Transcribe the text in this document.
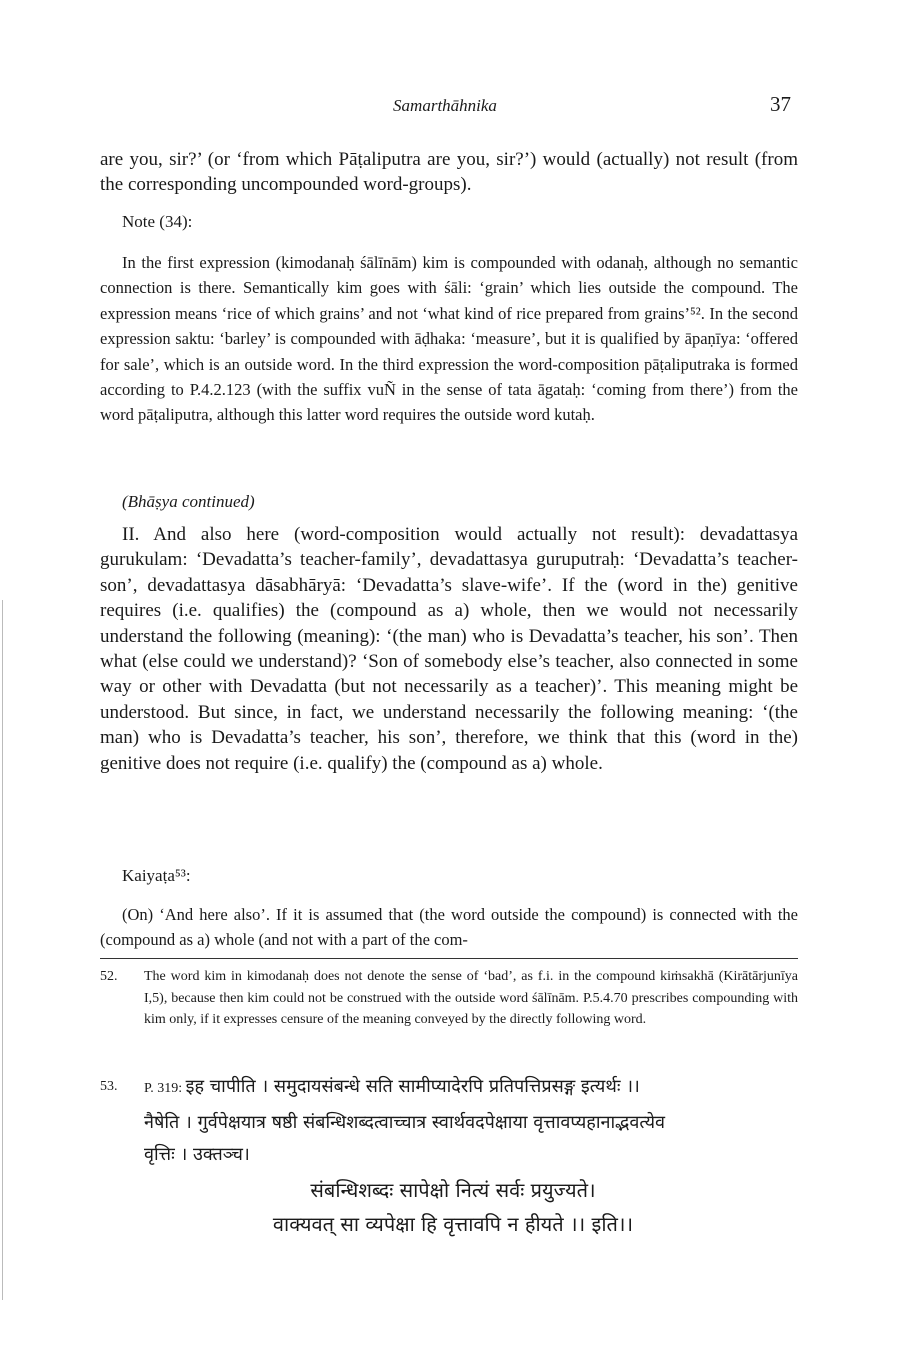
Samarthāhnika	37
are you, sir?’ (or ‘from which Pāṭaliputra are you, sir?’) would (actually) not result (from the corresponding uncompounded word-groups).
Note (34):
In the first expression (kimodanaḥ śālīnām) kim is compounded with odanaḥ, although no semantic connection is there. Semantically kim goes with śāli: ‘grain’ which lies outside the compound. The expression means ‘rice of which grains’ and not ‘what kind of rice prepared from grains’⁵². In the second expression saktu: ‘barley’ is compounded with āḍhaka: ‘measure’, but it is qualified by āpaṇīya: ‘offered for sale’, which is an outside word. In the third expression the word-composition pāṭaliputraka is formed according to P.4.2.123 (with the suffix vuÑ in the sense of tata āgataḥ: ‘coming from there’) from the word pāṭaliputra, although this latter word requires the outside word kutaḥ.
(Bhāṣya continued)
II. And also here (word-composition would actually not result): devadattasya gurukulam: ‘Devadatta’s teacher-family’, devadattasya guruputraḥ: ‘Devadatta’s teacher-son’, devadattasya dāsabhāryā: ‘Devadatta’s slave-wife’. If the (word in the) genitive requires (i.e. qualifies) the (compound as a) whole, then we would not necessarily understand the following (meaning): ‘(the man) who is Devadatta’s teacher, his son’. Then what (else could we understand)? ‘Son of somebody else’s teacher, also connected in some way or other with Devadatta (but not necessarily as a teacher)’. This meaning might be understood. But since, in fact, we understand necessarily the following meaning: ‘(the man) who is Devadatta’s teacher, his son’, therefore, we think that this (word in the) genitive does not require (i.e. qualify) the (compound as a) whole.
Kaiyaṭa⁵³:
(On) ‘And here also’. If it is assumed that (the word outside the compound) is connected with the (compound as a) whole (and not with a part of the com-
52. The word kim in kimodanaḥ does not denote the sense of ‘bad’, as f.i. in the compound kiṁsakhā (Kirātārjunīya I,5), because then kim could not be construed with the outside word śālīnām. P.5.4.70 prescribes compounding with kim only, if it expresses censure of the meaning conveyed by the directly following word.
53. P. 319: इह चापीति । समुदायसंबन्धे सति सामीप्यादेरपि प्रतिपत्तिप्रसङ्ग इत्यर्थः ।।
नैषेति । गुर्वपेक्षयात्र षष्ठी संबन्धिशब्दत्वाच्चात्र स्वार्थवदपेक्षाया वृत्तावप्यहानाद्भवत्येव
वृत्तिः । उक्तञ्च।
संबन्धिशब्दः सापेक्षो नित्यं सर्वः प्रयुज्यते।
वाक्यवत् सा व्यपेक्षा हि वृत्तावपि न हीयते ।। इति।।
